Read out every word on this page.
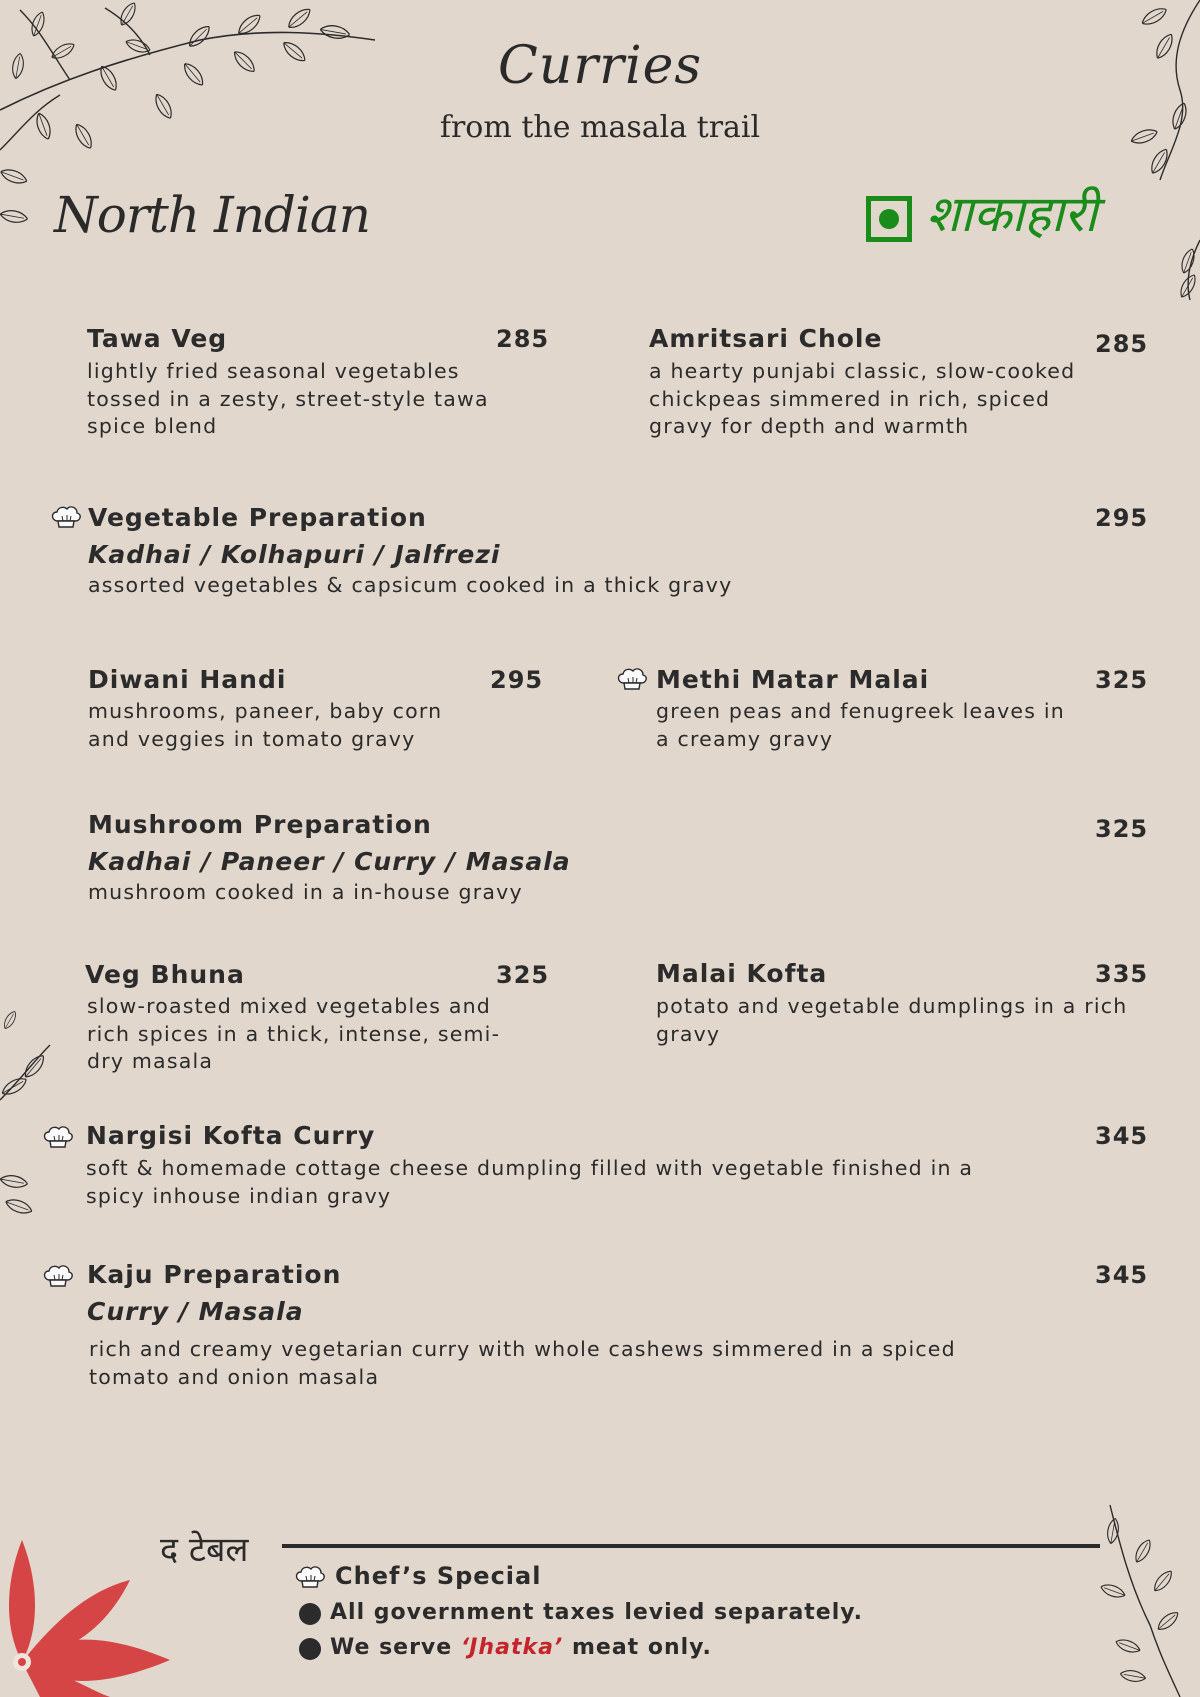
Curries
from the masala trail
North Indian	शाकाहारी
Tawa Veg	285
lightly fried seasonal vegetables
tossed in a zesty, street-style tawa
spice blend
Amritsari Chole	285
a hearty punjabi classic, slow-cooked
chickpeas simmered in rich, spiced
gravy for depth and warmth
Vegetable Preparation	295
Kadhai / Kolhapuri / Jalfrezi
assorted vegetables & capsicum cooked in a thick gravy
Diwani Handi	295
mushrooms, paneer, baby corn
and veggies in tomato gravy
Methi Matar Malai	325
green peas and fenugreek leaves in
a creamy gravy
Mushroom Preparation	325
Kadhai / Paneer / Curry / Masala
mushroom cooked in a in-house gravy
Veg Bhuna	325
slow-roasted mixed vegetables and
rich spices in a thick, intense, semi-
dry masala
Malai Kofta	335
potato and vegetable dumplings in a rich
gravy
Nargisi Kofta Curry	345
soft & homemade cottage cheese dumpling filled with vegetable finished in a
spicy inhouse indian gravy
Kaju Preparation	345
Curry / Masala
rich and creamy vegetarian curry with whole cashews simmered in a spiced
tomato and onion masala
द टेबल
Chef’s Special
All government taxes levied separately.
We serve ‘Jhatka’ meat only.
